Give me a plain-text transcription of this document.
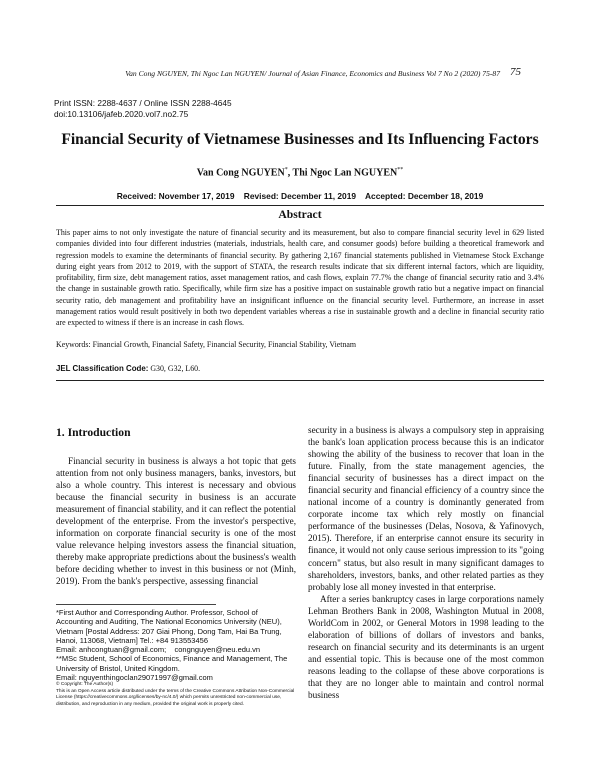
Van Cong NGUYEN, Thi Ngoc Lan NGUYEN/ Journal of Asian Finance, Economics and Business Vol 7 No 2 (2020) 75-87 75
Print ISSN: 2288-4637 / Online ISSN 2288-4645
doi:10.13106/jafeb.2020.vol7.no2.75
Financial Security of Vietnamese Businesses and Its Influencing Factors
Van Cong NGUYEN*, Thi Ngoc Lan NGUYEN**
Received: November 17, 2019    Revised: December 11, 2019    Accepted: December 18, 2019
Abstract
This paper aims to not only investigate the nature of financial security and its measurement, but also to compare financial security level in 629 listed companies divided into four different industries (materials, industrials, health care, and consumer goods) before building a theoretical framework and regression models to examine the determinants of financial security. By gathering 2,167 financial statements published in Vietnamese Stock Exchange during eight years from 2012 to 2019, with the support of STATA, the research results indicate that six different internal factors, which are liquidity, profitability, firm size, debt management ratios, asset management ratios, and cash flows, explain 77.7% the change of financial security ratio and 3.4% the change in sustainable growth ratio. Specifically, while firm size has a positive impact on sustainable growth ratio but a negative impact on financial security ratio, deb management and profitability have an insignificant influence on the financial security level. Furthermore, an increase in asset management ratios would result positively in both two dependent variables whereas a rise in sustainable growth and a decline in financial security ratio are expected to witness if there is an increase in cash flows.
Keywords: Financial Growth, Financial Safety, Financial Security, Financial Stability, Vietnam
JEL Classification Code: G30, G32, L60.
1. Introduction

Financial security in business is always a hot topic that gets attention from not only business managers, banks, investors, but also a whole country. This interest is necessary and obvious because the financial security in business is an accurate measurement of financial stability, and it can reflect the potential development of the enterprise. From the investor's perspective, information on corporate financial security is one of the most value relevance helping investors assess the financial situation, thereby make appropriate predictions about the business's wealth before deciding whether to invest in this business or not (Minh, 2019). From the bank's perspective, assessing financial

security in a business is always a compulsory step in appraising the bank's loan application process because this is an indicator showing the ability of the business to recover that loan in the future. Finally, from the state management agencies, the financial security of businesses has a direct impact on the financial security and financial efficiency of a country since the national income of a country is dominantly generated from corporate income tax which rely mostly on financial performance of the businesses (Delas, Nosova, & Yafinovych, 2015). Therefore, if an enterprise cannot ensure its security in finance, it would not only cause serious impression to its "going concern" status, but also result in many significant damages to shareholders, investors, banks, and other related parties as they probably lose all money invested in that enterprise.

After a series bankruptcy cases in large corporations namely Lehman Brothers Bank in 2008, Washington Mutual in 2008, WorldCom in 2002, or General Motors in 1998 leading to the elaboration of billions of dollars of investors and banks, research on financial security and its determinants is an urgent and essential topic. This is because one of the most common reasons leading to the collapse of these above corporations is that they are no longer able to maintain and control normal business

*First Author and Corresponding Author. Professor, School of Accounting and Auditing, The National Economics University (NEU), Vietnam [Postal Address: 207 Giai Phong, Dong Tam, Hai Ba Trung, Hanoi, 113068, Vietnam] Tel.: +84 913553456

Email: anhcongtuan@gmail.com;    congnguyen@neu.edu.vn

**MSc Student, School of Economics, Finance and Management, The University of Bristol, United Kingdom.

Email: nguyenthingoclan29071997@gmail.com

© Copyright: The Author(s)

This is an Open Access article distributed under the terms of the Creative Commons Attribution Non-Commercial License (https://creativecommons.org/licenses/by-nc/4.0/) which permits unrestricted non-commercial use, distribution, and reproduction in any medium, provided the original work is properly cited.
